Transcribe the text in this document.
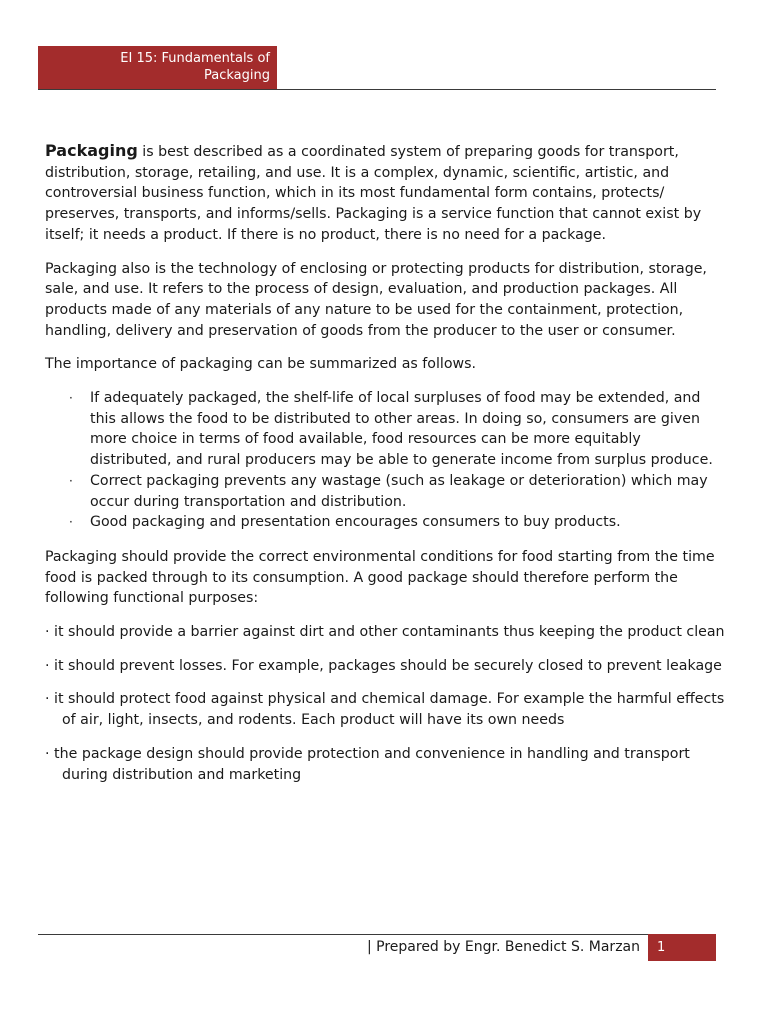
EI 15: Fundamentals of
Packaging

Packaging is best described as a coordinated system of preparing goods for transport, distribution, storage, retailing, and use. It is a complex, dynamic, scientific, artistic, and controversial business function, which in its most fundamental form contains, protects/ preserves, transports, and informs/sells. Packaging is a service function that cannot exist by itself; it needs a product. If there is no product, there is no need for a package.

Packaging also is the technology of enclosing or protecting products for distribution, storage, sale, and use. It refers to the process of design, evaluation, and production packages. All products made of any materials of any nature to be used for the containment, protection, handling, delivery and preservation of goods from the producer to the user or consumer.

The importance of packaging can be summarized as follows.

· If adequately packaged, the shelf-life of local surpluses of food may be extended, and this allows the food to be distributed to other areas. In doing so, consumers are given more choice in terms of food available, food resources can be more equitably distributed, and rural producers may be able to generate income from surplus produce.
· Correct packaging prevents any wastage (such as leakage or deterioration) which may occur during transportation and distribution.
· Good packaging and presentation encourages consumers to buy products.

Packaging should provide the correct environmental conditions for food starting from the time food is packed through to its consumption. A good package should therefore perform the following functional purposes:

· it should provide a barrier against dirt and other contaminants thus keeping the product clean

· it should prevent losses. For example, packages should be securely closed to prevent leakage

· it should protect food against physical and chemical damage. For example the harmful effects of air, light, insects, and rodents. Each product will have its own needs

· the package design should provide protection and convenience in handling and transport during distribution and marketing

| Prepared by Engr. Benedict S. Marzan	1
